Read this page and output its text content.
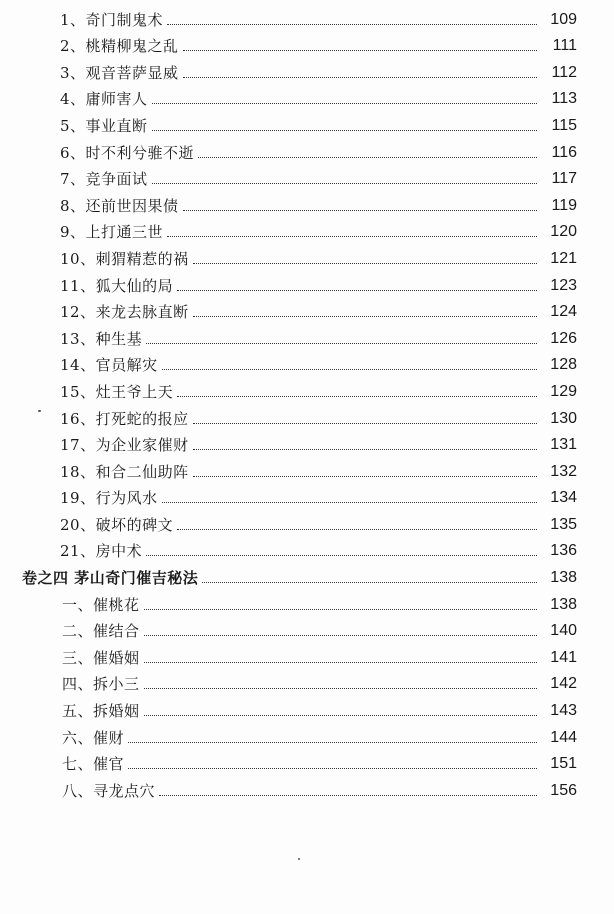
1、奇门制鬼术	109
2、桃精柳鬼之乱	111
3、观音菩萨显威	112
4、庸师害人	113
5、事业直断	115
6、时不利兮骓不逝	116
7、竞争面试	117
8、还前世因果债	119
9、上打通三世	120
10、刺猬精惹的祸	121
11、狐大仙的局	123
12、来龙去脉直断	124
13、种生基	126
14、官员解灾	128
15、灶王爷上天	129
16、打死蛇的报应	130
17、为企业家催财	131
18、和合二仙助阵	132
19、行为风水	134
20、破坏的碑文	135
21、房中术	136
卷之四 茅山奇门催吉秘法	138
一、催桃花	138
二、催结合	140
三、催婚姻	141
四、拆小三	142
五、拆婚姻	143
六、催财	144
七、催官	151
八、寻龙点穴	156
